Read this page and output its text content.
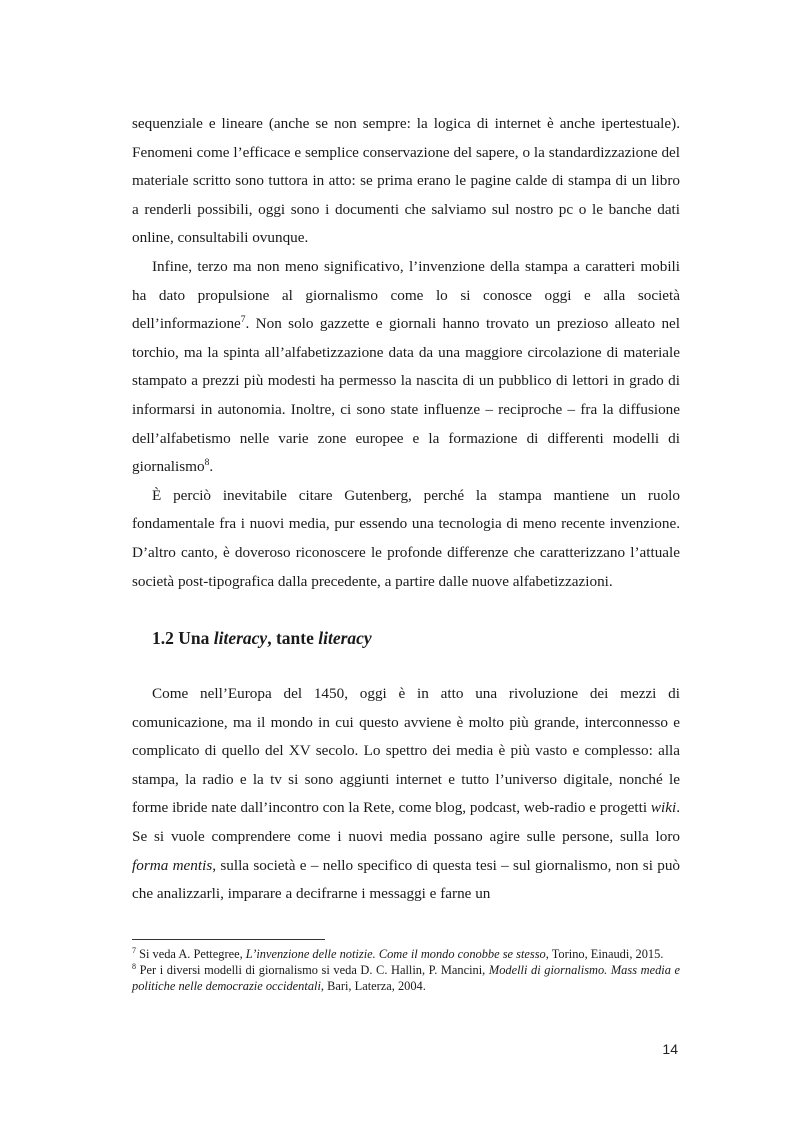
sequenziale e lineare (anche se non sempre: la logica di internet è anche ipertestuale). Fenomeni come l’efficace e semplice conservazione del sapere, o la standardizzazione del materiale scritto sono tuttora in atto: se prima erano le pagine calde di stampa di un libro a renderli possibili, oggi sono i documenti che salviamo sul nostro pc o le banche dati online, consultabili ovunque.

Infine, terzo ma non meno significativo, l’invenzione della stampa a caratteri mobili ha dato propulsione al giornalismo come lo si conosce oggi e alla società dell’informazione$^7$. Non solo gazzette e giornali hanno trovato un prezioso alleato nel torchio, ma la spinta all’alfabetizzazione data da una maggiore circolazione di materiale stampato a prezzi più modesti ha permesso la nascita di un pubblico di lettori in grado di informarsi in autonomia. Inoltre, ci sono state influenze – reciproche – fra la diffusione dell’alfabetismo nelle varie zone europee e la formazione di differenti modelli di giornalismo$^8$.

È perciò inevitabile citare Gutenberg, perché la stampa mantiene un ruolo fondamentale fra i nuovi media, pur essendo una tecnologia di meno recente invenzione. D’altro canto, è doveroso riconoscere le profonde differenze che caratterizzano l’attuale società post-tipografica dalla precedente, a partire dalle nuove alfabetizzazioni.

1.2 Una literacy, tante literacy

Come nell’Europa del 1450, oggi è in atto una rivoluzione dei mezzi di comunicazione, ma il mondo in cui questo avviene è molto più grande, interconnesso e complicato di quello del XV secolo. Lo spettro dei media è più vasto e complesso: alla stampa, la radio e la tv si sono aggiunti internet e tutto l’universo digitale, nonché le forme ibride nate dall’incontro con la Rete, come blog, podcast, web-radio e progetti wiki. Se si vuole comprendere come i nuovi media possano agire sulle persone, sulla loro forma mentis, sulla società e – nello specifico di questa tesi – sul giornalismo, non si può che analizzarli, imparare a decifrarne i messaggi e farne un

$^7$ Si veda A. Pettegree, L’invenzione delle notizie. Come il mondo conobbe se stesso, Torino, Einaudi, 2015.

$^8$ Per i diversi modelli di giornalismo si veda D. C. Hallin, P. Mancini, Modelli di giornalismo. Mass media e politiche nelle democrazie occidentali, Bari, Laterza, 2004.

14
